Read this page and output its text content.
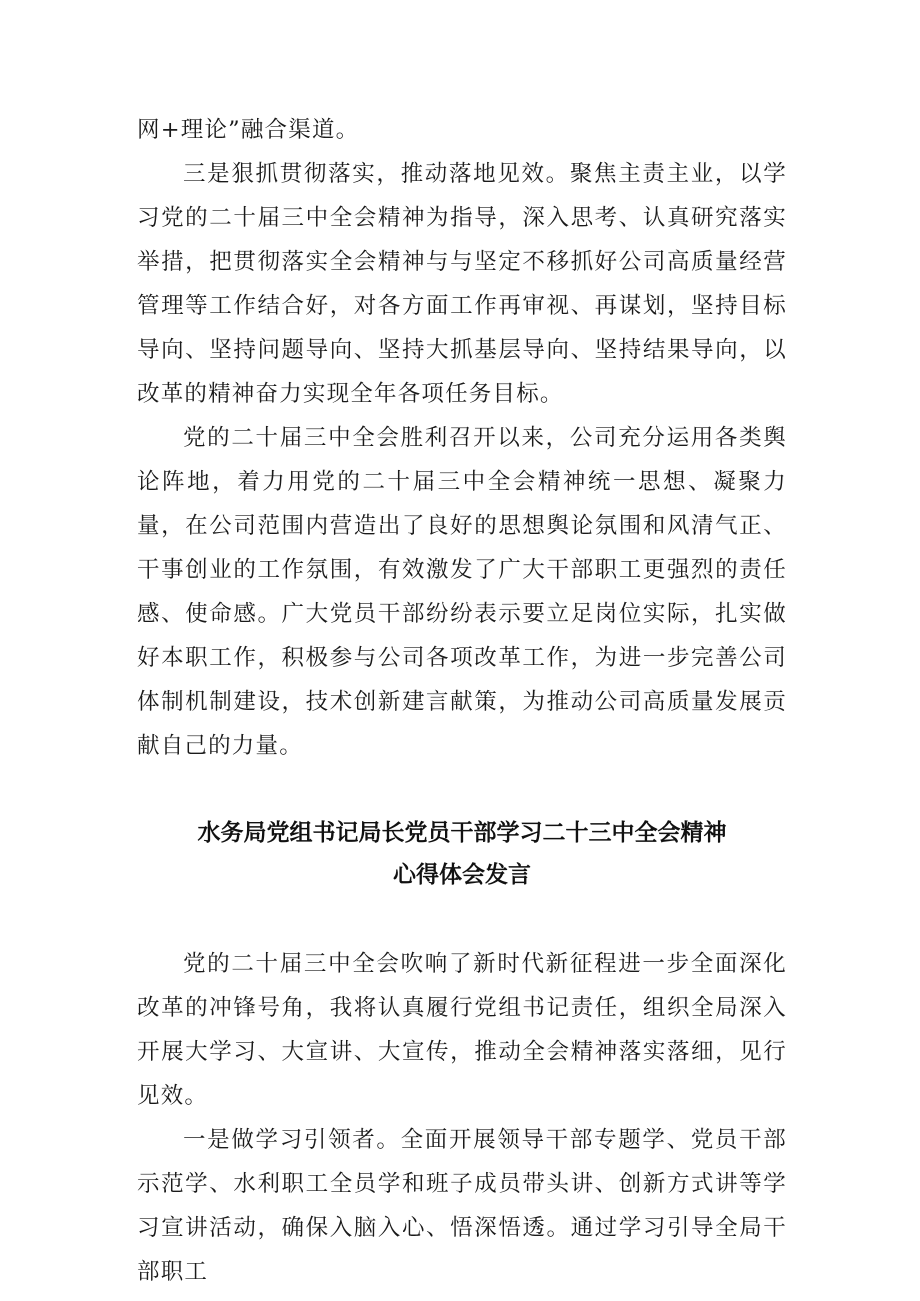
网+理论”融合渠道。

三是狠抓贯彻落实，推动落地见效。聚焦主责主业，以学习党的二十届三中全会精神为指导，深入思考、认真研究落实举措，把贯彻落实全会精神与与坚定不移抓好公司高质量经营管理等工作结合好，对各方面工作再审视、再谋划，坚持目标导向、坚持问题导向、坚持大抓基层导向、坚持结果导向，以改革的精神奋力实现全年各项任务目标。

党的二十届三中全会胜利召开以来，公司充分运用各类舆论阵地，着力用党的二十届三中全会精神统一思想、凝聚力量，在公司范围内营造出了良好的思想舆论氛围和风清气正、干事创业的工作氛围，有效激发了广大干部职工更强烈的责任感、使命感。广大党员干部纷纷表示要立足岗位实际，扎实做好本职工作，积极参与公司各项改革工作，为进一步完善公司体制机制建设，技术创新建言献策，为推动公司高质量发展贡献自己的力量。

水务局党组书记局长党员干部学习二十三中全会精神
心得体会发言

党的二十届三中全会吹响了新时代新征程进一步全面深化改革的冲锋号角，我将认真履行党组书记责任，组织全局深入开展大学习、大宣讲、大宣传，推动全会精神落实落细，见行见效。

一是做学习引领者。全面开展领导干部专题学、党员干部示范学、水利职工全员学和班子成员带头讲、创新方式讲等学习宣讲活动，确保入脑入心、悟深悟透。通过学习引导全局干部职工
